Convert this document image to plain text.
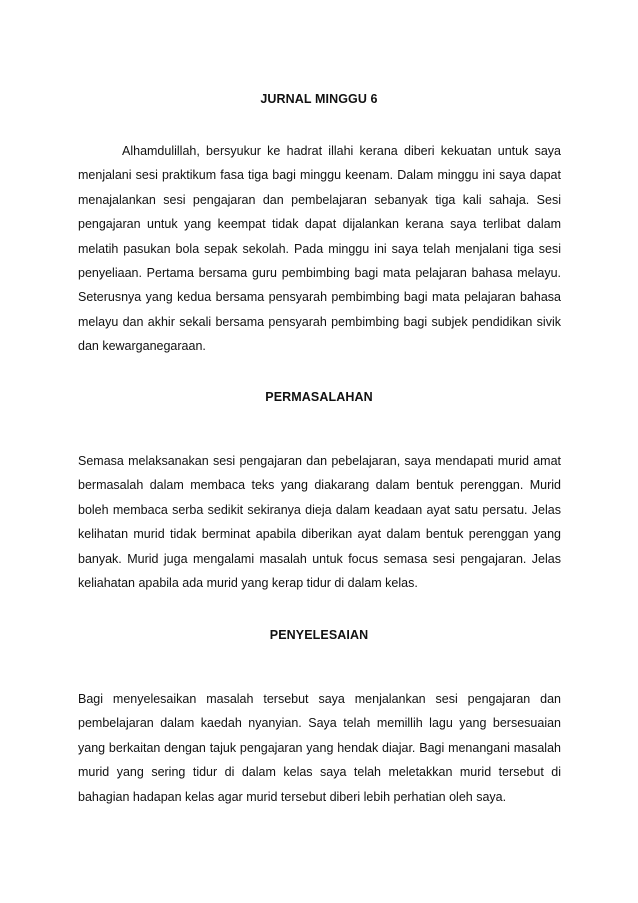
JURNAL MINGGU 6

Alhamdulillah, bersyukur ke hadrat illahi kerana diberi kekuatan untuk saya menjalani sesi praktikum fasa tiga bagi minggu keenam. Dalam minggu ini saya dapat menajalankan sesi pengajaran dan pembelajaran sebanyak tiga kali sahaja. Sesi pengajaran untuk yang keempat tidak dapat dijalankan kerana saya terlibat dalam melatih pasukan bola sepak sekolah. Pada minggu ini saya telah menjalani tiga sesi penyeliaan. Pertama bersama guru pembimbing bagi mata pelajaran bahasa melayu. Seterusnya yang kedua bersama pensyarah pembimbing bagi mata pelajaran bahasa melayu dan akhir sekali bersama pensyarah pembimbing bagi subjek pendidikan sivik dan kewarganegaraan.

PERMASALAHAN

Semasa melaksanakan sesi pengajaran dan pebelajaran, saya mendapati murid amat bermasalah dalam membaca teks yang diakarang dalam bentuk perenggan. Murid boleh membaca serba sedikit sekiranya dieja dalam keadaan ayat satu persatu. Jelas kelihatan murid tidak berminat apabila diberikan ayat dalam bentuk perenggan yang banyak. Murid juga mengalami masalah untuk focus semasa sesi pengajaran. Jelas keliahatan apabila ada murid yang kerap tidur di dalam kelas.

PENYELESAIAN

Bagi menyelesaikan masalah tersebut saya menjalankan sesi pengajaran dan pembelajaran dalam kaedah nyanyian. Saya telah memillih lagu yang bersesuaian yang berkaitan dengan tajuk pengajaran yang hendak diajar. Bagi menangani masalah murid yang sering tidur di dalam kelas saya telah meletakkan murid tersebut di bahagian hadapan kelas agar murid tersebut diberi lebih perhatian oleh saya.
